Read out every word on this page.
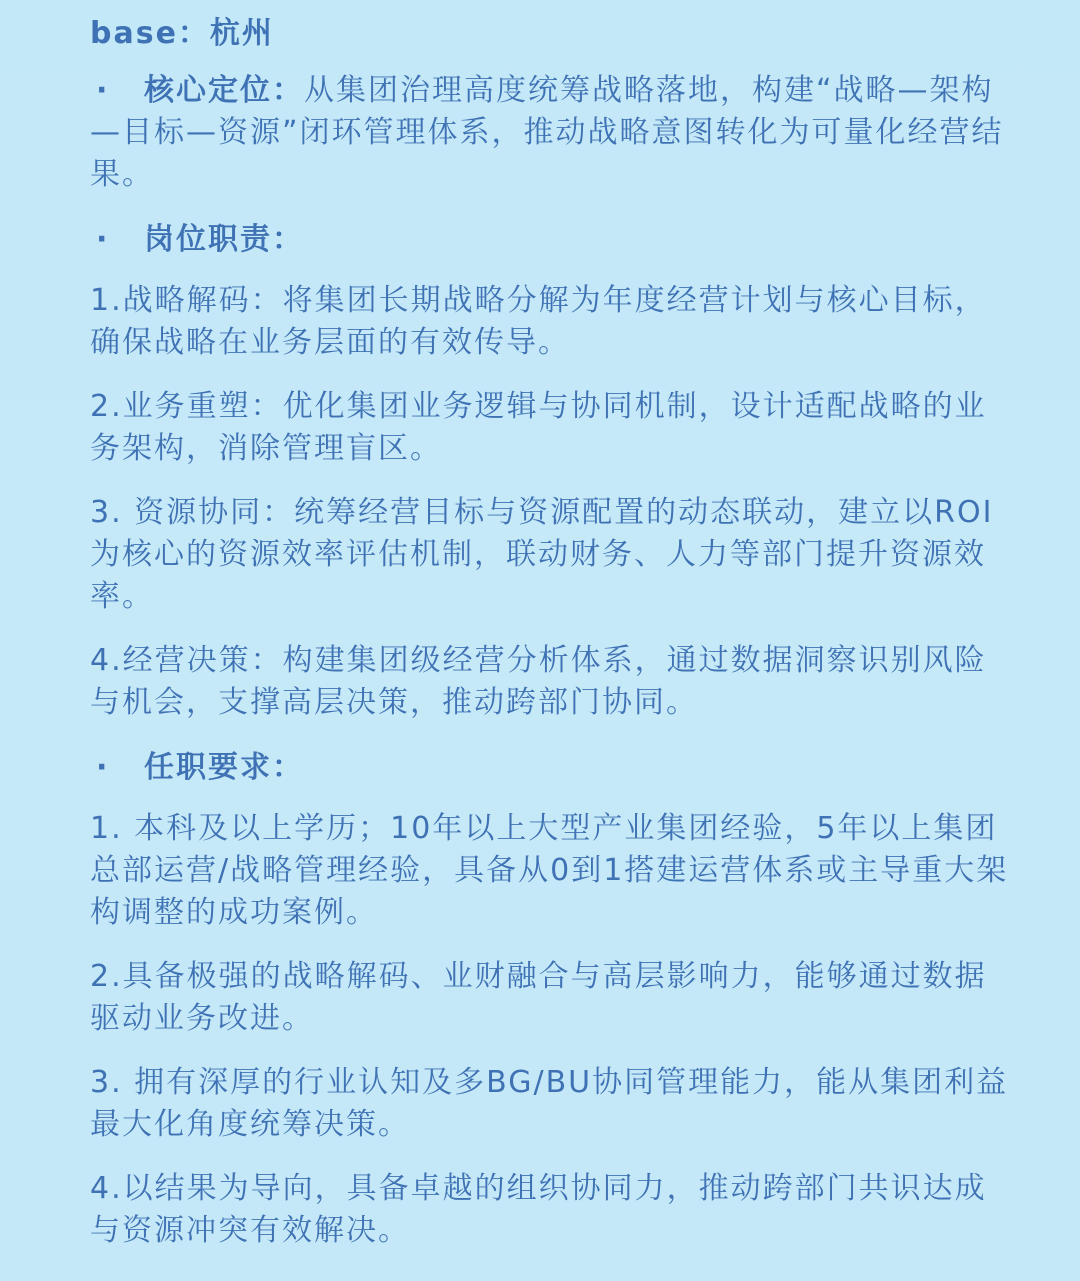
base：杭州
· 核心定位：从集团治理高度统筹战略落地，构建“战略—架构—目标—资源”闭环管理体系，推动战略意图转化为可量化经营结果。
· 岗位职责：
1.战略解码：将集团长期战略分解为年度经营计划与核心目标，确保战略在业务层面的有效传导。
2.业务重塑：优化集团业务逻辑与协同机制，设计适配战略的业务架构，消除管理盲区。
3. 资源协同：统筹经营目标与资源配置的动态联动，建立以ROI为核心的资源效率评估机制，联动财务、人力等部门提升资源效率。
4.经营决策：构建集团级经营分析体系，通过数据洞察识别风险与机会，支撑高层决策，推动跨部门协同。
· 任职要求：
1. 本科及以上学历；10年以上大型产业集团经验，5年以上集团总部运营/战略管理经验，具备从0到1搭建运营体系或主导重大架构调整的成功案例。
2.具备极强的战略解码、业财融合与高层影响力，能够通过数据驱动业务改进。
3. 拥有深厚的行业认知及多BG/BU协同管理能力，能从集团利益最大化角度统筹决策。
4.以结果为导向，具备卓越的组织协同力，推动跨部门共识达成与资源冲突有效解决。
